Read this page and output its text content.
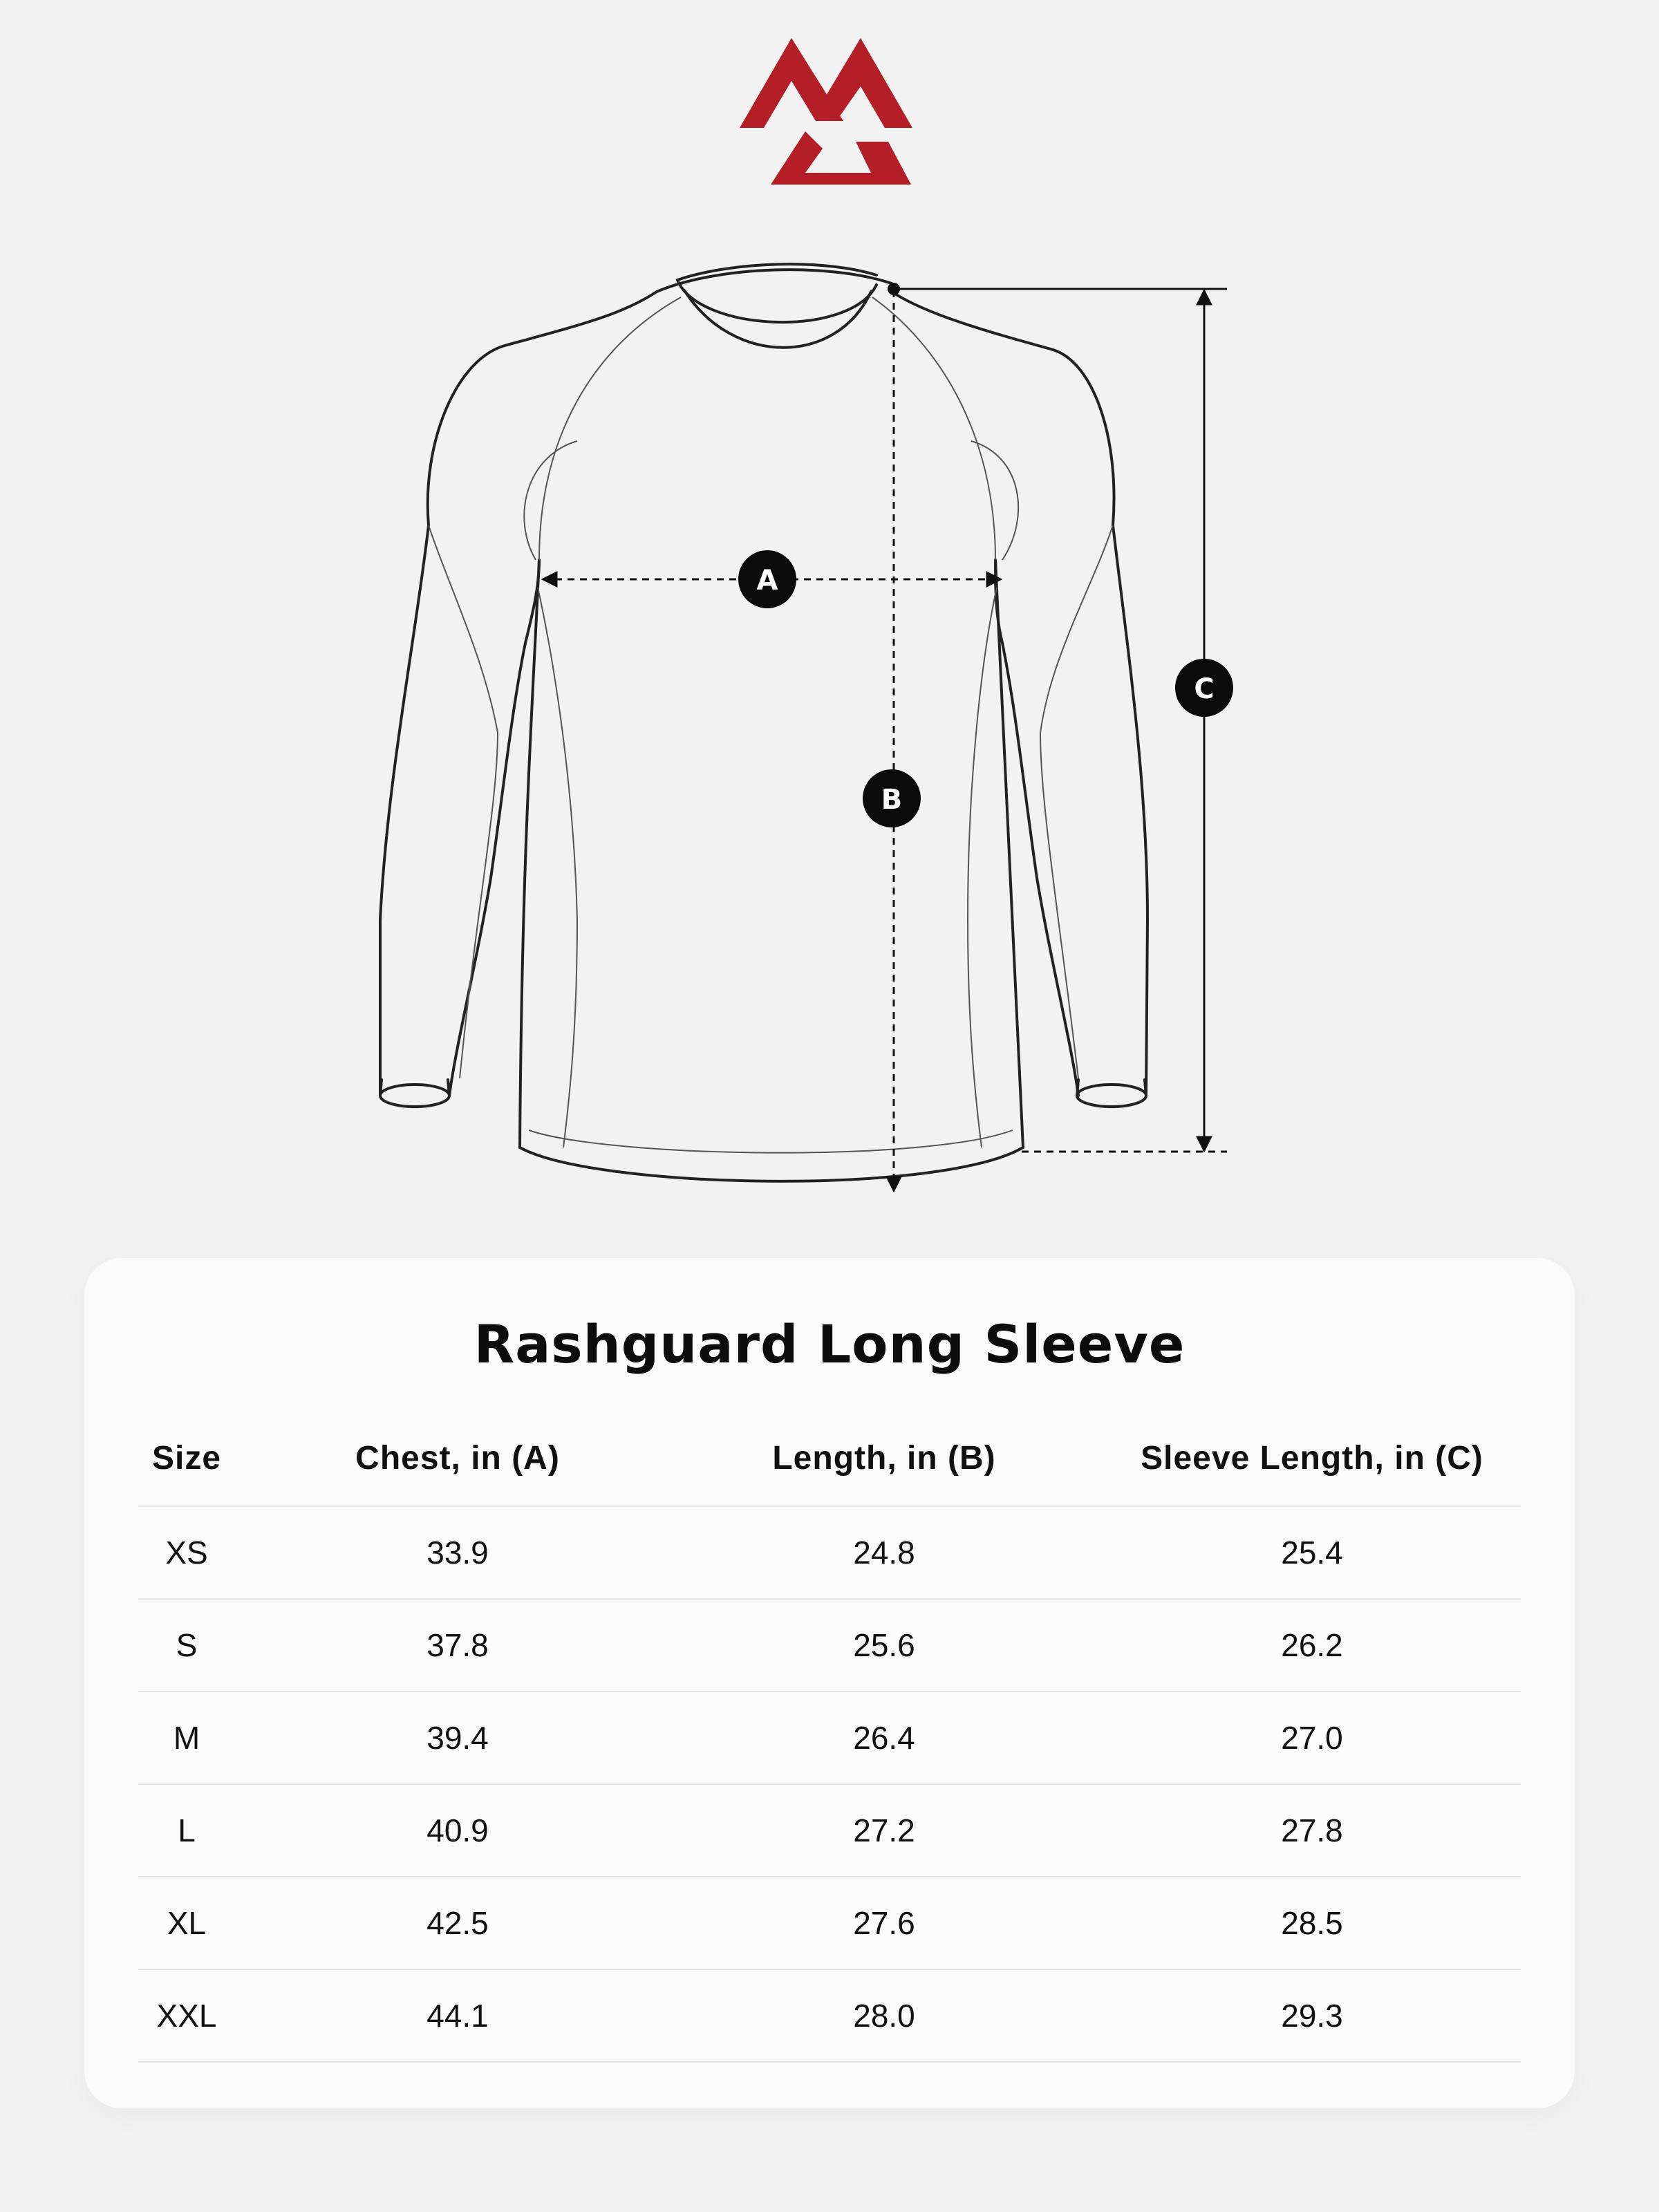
A
B
C
Rashguard Long Sleeve
Size	Chest, in (A)	Length, in (B)	Sleeve Length, in (C)
XS	33.9	24.8	25.4
S	37.8	25.6	26.2
M	39.4	26.4	27.0
L	40.9	27.2	27.8
XL	42.5	27.6	28.5
XXL	44.1	28.0	29.3
